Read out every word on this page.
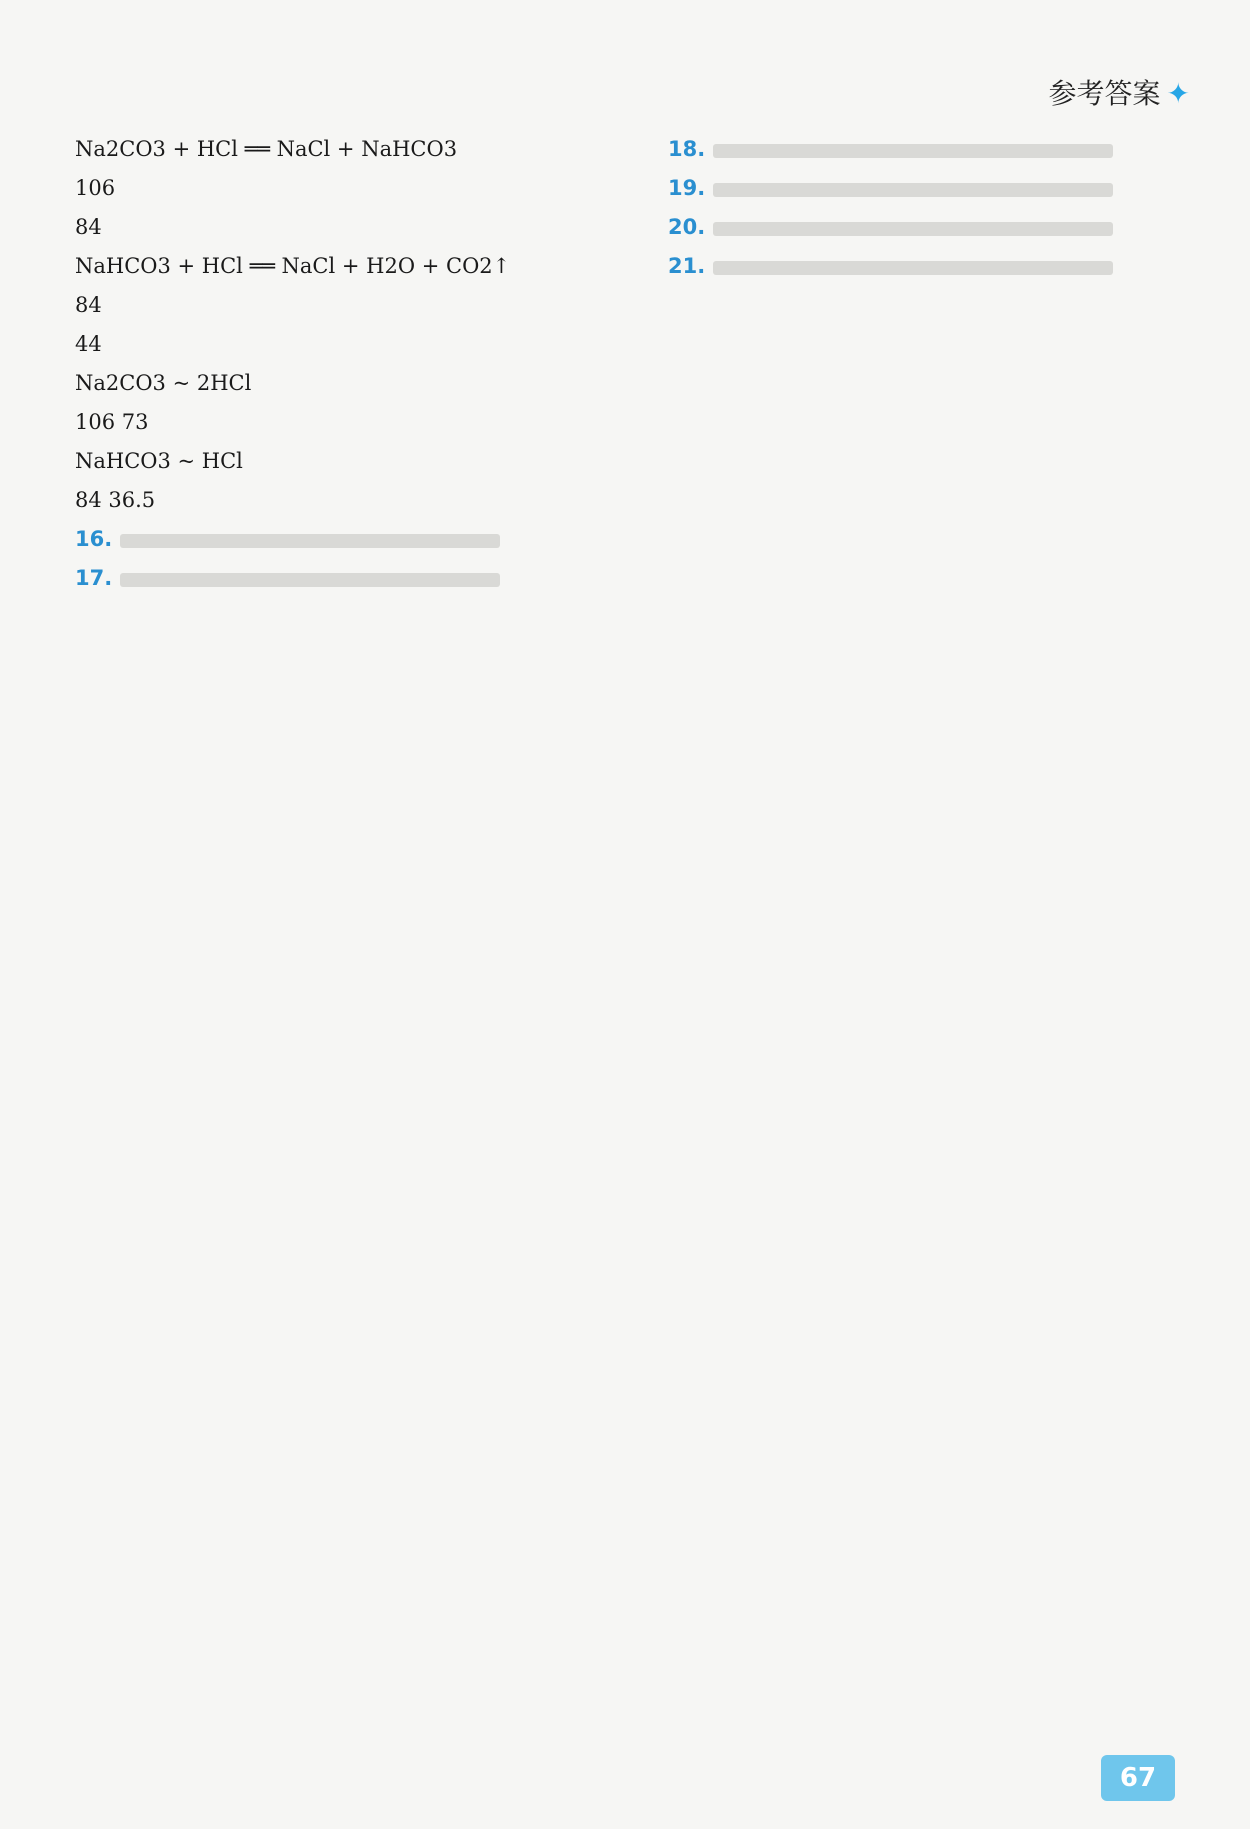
参考答案 ✦
Na2CO3 + HCl ══ NaCl + NaHCO3
106
84
NaHCO3 + HCl ══ NaCl + H2O + CO2↑
84
44
Na2CO3 ~ 2HCl
106 73
NaHCO3 ~ HCl
84 36.5
16.
17.
18.
19.
20.
21.
67
